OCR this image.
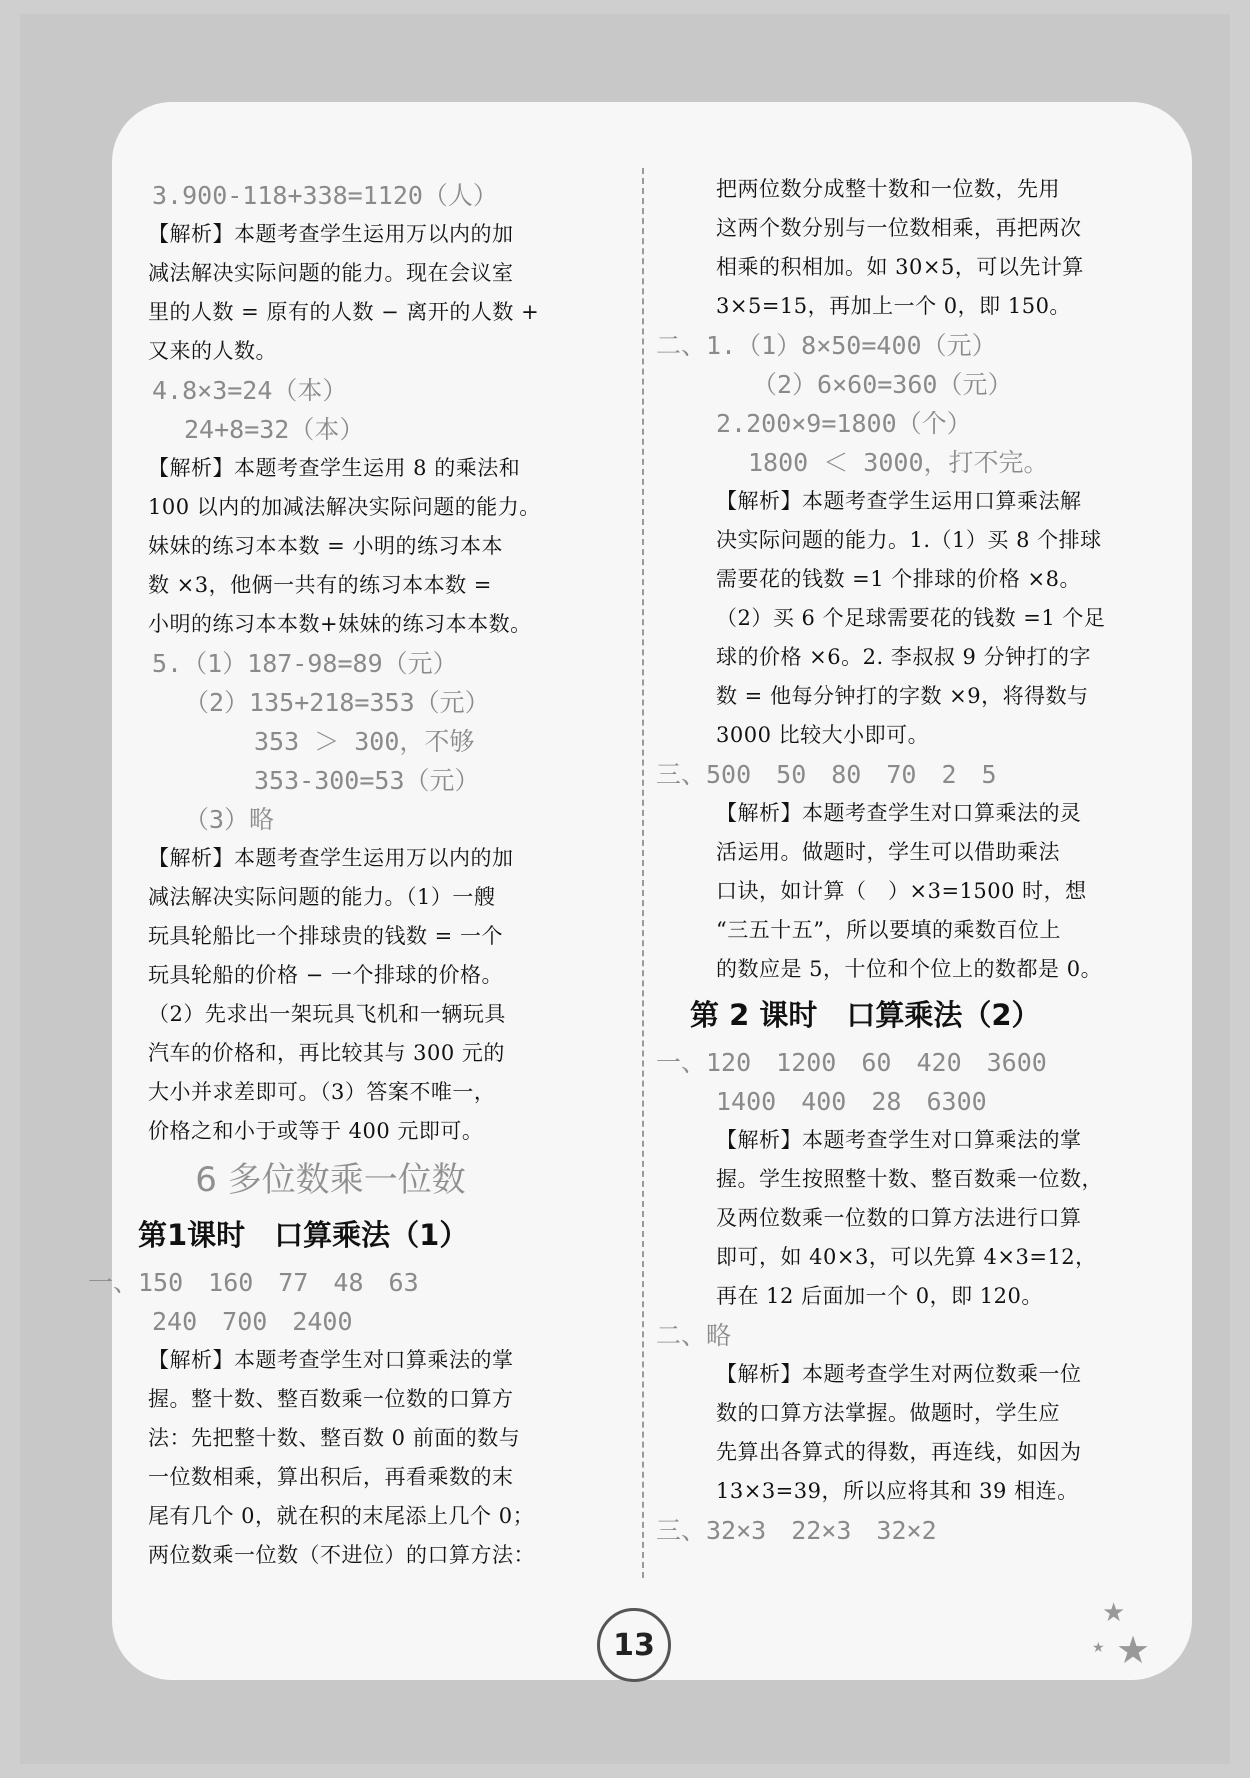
3.900-118+338=1120（人）
【解析】本题考查学生运用万以内的加
减法解决实际问题的能力。现在会议室
里的人数 = 原有的人数 − 离开的人数 +
又来的人数。
4.8×3=24（本）
24+8=32（本）
【解析】本题考查学生运用 8 的乘法和
100 以内的加减法解决实际问题的能力。
妹妹的练习本本数 = 小明的练习本本
数 ×3，他俩一共有的练习本本数 =
小明的练习本本数+妹妹的练习本本数。
5.（1）187-98=89（元）
（2）135+218=353（元）
353 ＞ 300，不够
353-300=53（元）
（3）略
【解析】本题考查学生运用万以内的加
减法解决实际问题的能力。（1）一艘
玩具轮船比一个排球贵的钱数 = 一个
玩具轮船的价格 − 一个排球的价格。
（2）先求出一架玩具飞机和一辆玩具
汽车的价格和，再比较其与 300 元的
大小并求差即可。（3）答案不唯一，
价格之和小于或等于 400 元即可。
6 多位数乘一位数
第1课时　口算乘法（1）
一、150　160　77　48　63
240　700　2400
【解析】本题考查学生对口算乘法的掌
握。整十数、整百数乘一位数的口算方
法：先把整十数、整百数 0 前面的数与
一位数相乘，算出积后，再看乘数的末
尾有几个 0，就在积的末尾添上几个 0；
两位数乘一位数（不进位）的口算方法：
把两位数分成整十数和一位数，先用
这两个数分别与一位数相乘，再把两次
相乘的积相加。如 30×5，可以先计算
3×5=15，再加上一个 0，即 150。
二、1.（1）8×50=400（元）
（2）6×60=360（元）
2.200×9=1800（个）
1800 ＜ 3000，打不完。
【解析】本题考查学生运用口算乘法解
决实际问题的能力。1.（1）买 8 个排球
需要花的钱数 =1 个排球的价格 ×8。
（2）买 6 个足球需要花的钱数 =1 个足
球的价格 ×6。2. 李叔叔 9 分钟打的字
数 = 他每分钟打的字数 ×9，将得数与
3000 比较大小即可。
三、500　50　80　70　2　5
【解析】本题考查学生对口算乘法的灵
活运用。做题时，学生可以借助乘法
口诀，如计算（　）×3=1500 时，想
“三五十五”，所以要填的乘数百位上
的数应是 5，十位和个位上的数都是 0。
第 2 课时　口算乘法（2）
一、120　1200　60　420　3600
1400　400　28　6300
【解析】本题考查学生对口算乘法的掌
握。学生按照整十数、整百数乘一位数，
及两位数乘一位数的口算方法进行口算
即可，如 40×3，可以先算 4×3=12，
再在 12 后面加一个 0，即 120。
二、略
【解析】本题考查学生对两位数乘一位
数的口算方法掌握。做题时，学生应
先算出各算式的得数，再连线，如因为
13×3=39，所以应将其和 39 相连。
三、32×3　22×3　32×2
13
★
★
★
